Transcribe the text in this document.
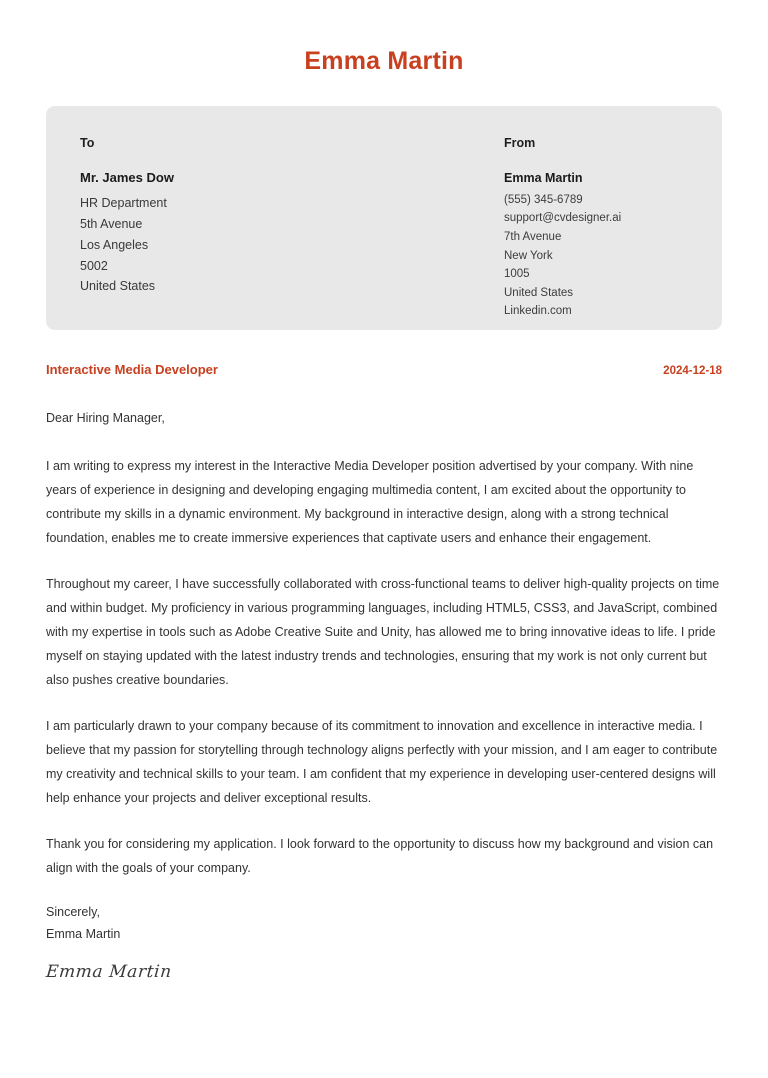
Emma Martin

To

Mr. James Dow

HR Department

5th Avenue

Los Angeles

5002

United States

From

Emma Martin

(555) 345-6789

support@cvdesigner.ai

7th Avenue

New York

1005

United States

Linkedin.com

Interactive Media Developer	2024-12-18

Dear Hiring Manager,

I am writing to express my interest in the Interactive Media Developer position advertised by your company. With nine years of experience in designing and developing engaging multimedia content, I am excited about the opportunity to contribute my skills in a dynamic environment. My background in interactive design, along with a strong technical foundation, enables me to create immersive experiences that captivate users and enhance their engagement.

Throughout my career, I have successfully collaborated with cross-functional teams to deliver high-quality projects on time and within budget. My proficiency in various programming languages, including HTML5, CSS3, and JavaScript, combined with my expertise in tools such as Adobe Creative Suite and Unity, has allowed me to bring innovative ideas to life. I pride myself on staying updated with the latest industry trends and technologies, ensuring that my work is not only current but also pushes creative boundaries.

I am particularly drawn to your company because of its commitment to innovation and excellence in interactive media. I believe that my passion for storytelling through technology aligns perfectly with your mission, and I am eager to contribute my creativity and technical skills to your team. I am confident that my experience in developing user-centered designs will help enhance your projects and deliver exceptional results.

Thank you for considering my application. I look forward to the opportunity to discuss how my background and vision can align with the goals of your company.

Sincerely,

Emma Martin

Emma Martin
